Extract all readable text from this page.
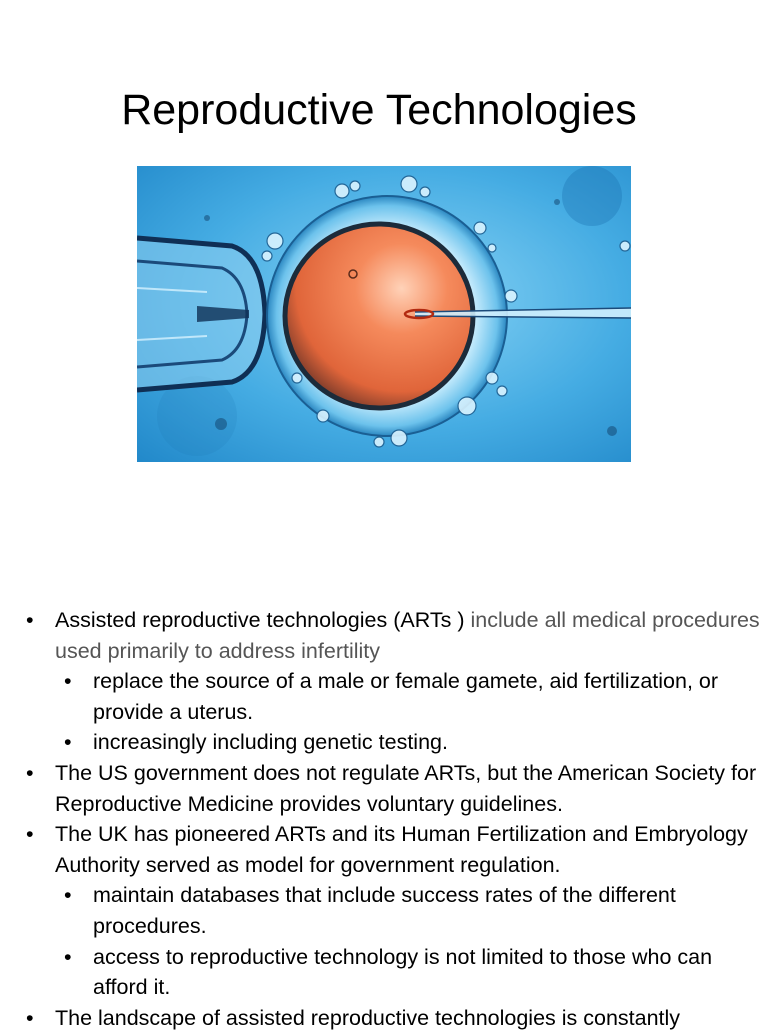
Reproductive Technologies
• Assisted reproductive technologies (ARTs ) include all medical procedures used primarily to address infertility
• replace the source of a male or female gamete, aid fertilization, or provide a uterus.
• increasingly including genetic testing.
• The US government does not regulate ARTs, but the American Society for Reproductive Medicine provides voluntary guidelines.
• The UK has pioneered ARTs and its Human Fertilization and Embryology Authority served as model for government regulation.
• maintain databases that include success rates of the different procedures.
• access to reproductive technology is not limited to those who can afford it.
• The landscape of assisted reproductive technologies is constantly
